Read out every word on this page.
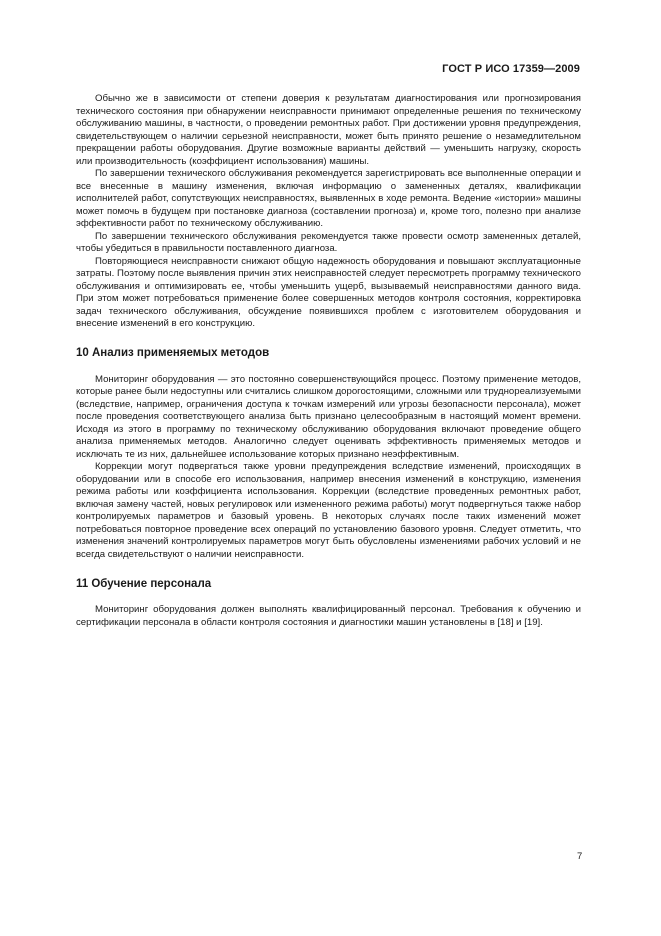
ГОСТ Р ИСО 17359—2009

Обычно же в зависимости от степени доверия к результатам диагностирования или прогнозирования технического состояния при обнаружении неисправности принимают определенные решения по техническому обслуживанию машины, в частности, о проведении ремонтных работ. При достижении уровня предупреждения, свидетельствующем о наличии серьезной неисправности, может быть принято решение о незамедлительном прекращении работы оборудования. Другие возможные варианты действий — уменьшить нагрузку, скорость или производительность (коэффициент использования) машины.

По завершении технического обслуживания рекомендуется зарегистрировать все выполненные операции и все внесенные в машину изменения, включая информацию о замененных деталях, квалификации исполнителей работ, сопутствующих неисправностях, выявленных в ходе ремонта. Ведение «истории» машины может помочь в будущем при постановке диагноза (составлении прогноза) и, кроме того, полезно при анализе эффективности работ по техническому обслуживанию.

По завершении технического обслуживания рекомендуется также провести осмотр замененных деталей, чтобы убедиться в правильности поставленного диагноза.

Повторяющиеся неисправности снижают общую надежность оборудования и повышают эксплуатационные затраты. Поэтому после выявления причин этих неисправностей следует пересмотреть программу технического обслуживания и оптимизировать ее, чтобы уменьшить ущерб, вызываемый неисправностями данного вида. При этом может потребоваться применение более совершенных методов контроля состояния, корректировка задач технического обслуживания, обсуждение появившихся проблем с изготовителем оборудования и внесение изменений в его конструкцию.

10 Анализ применяемых методов

Мониторинг оборудования — это постоянно совершенствующийся процесс. Поэтому применение методов, которые ранее были недоступны или считались слишком дорогостоящими, сложными или труднореализуемыми (вследствие, например, ограничения доступа к точкам измерений или угрозы безопасности персонала), может после проведения соответствующего анализа быть признано целесообразным в настоящий момент времени. Исходя из этого в программу по техническому обслуживанию оборудования включают проведение общего анализа применяемых методов. Аналогично следует оценивать эффективность применяемых методов и исключать те из них, дальнейшее использование которых признано неэффективным.

Коррекции могут подвергаться также уровни предупреждения вследствие изменений, происходящих в оборудовании или в способе его использования, например внесения изменений в конструкцию, изменения режима работы или коэффициента использования. Коррекции (вследствие проведенных ремонтных работ, включая замену частей, новых регулировок или измененного режима работы) могут подвергнуться также набор контролируемых параметров и базовый уровень. В некоторых случаях после таких изменений может потребоваться повторное проведение всех операций по установлению базового уровня. Следует отметить, что изменения значений контролируемых параметров могут быть обусловлены изменениями рабочих условий и не всегда свидетельствуют о наличии неисправности.

11 Обучение персонала

Мониторинг оборудования должен выполнять квалифицированный персонал. Требования к обучению и сертификации персонала в области контроля состояния и диагностики машин установлены в [18] и [19].

7
